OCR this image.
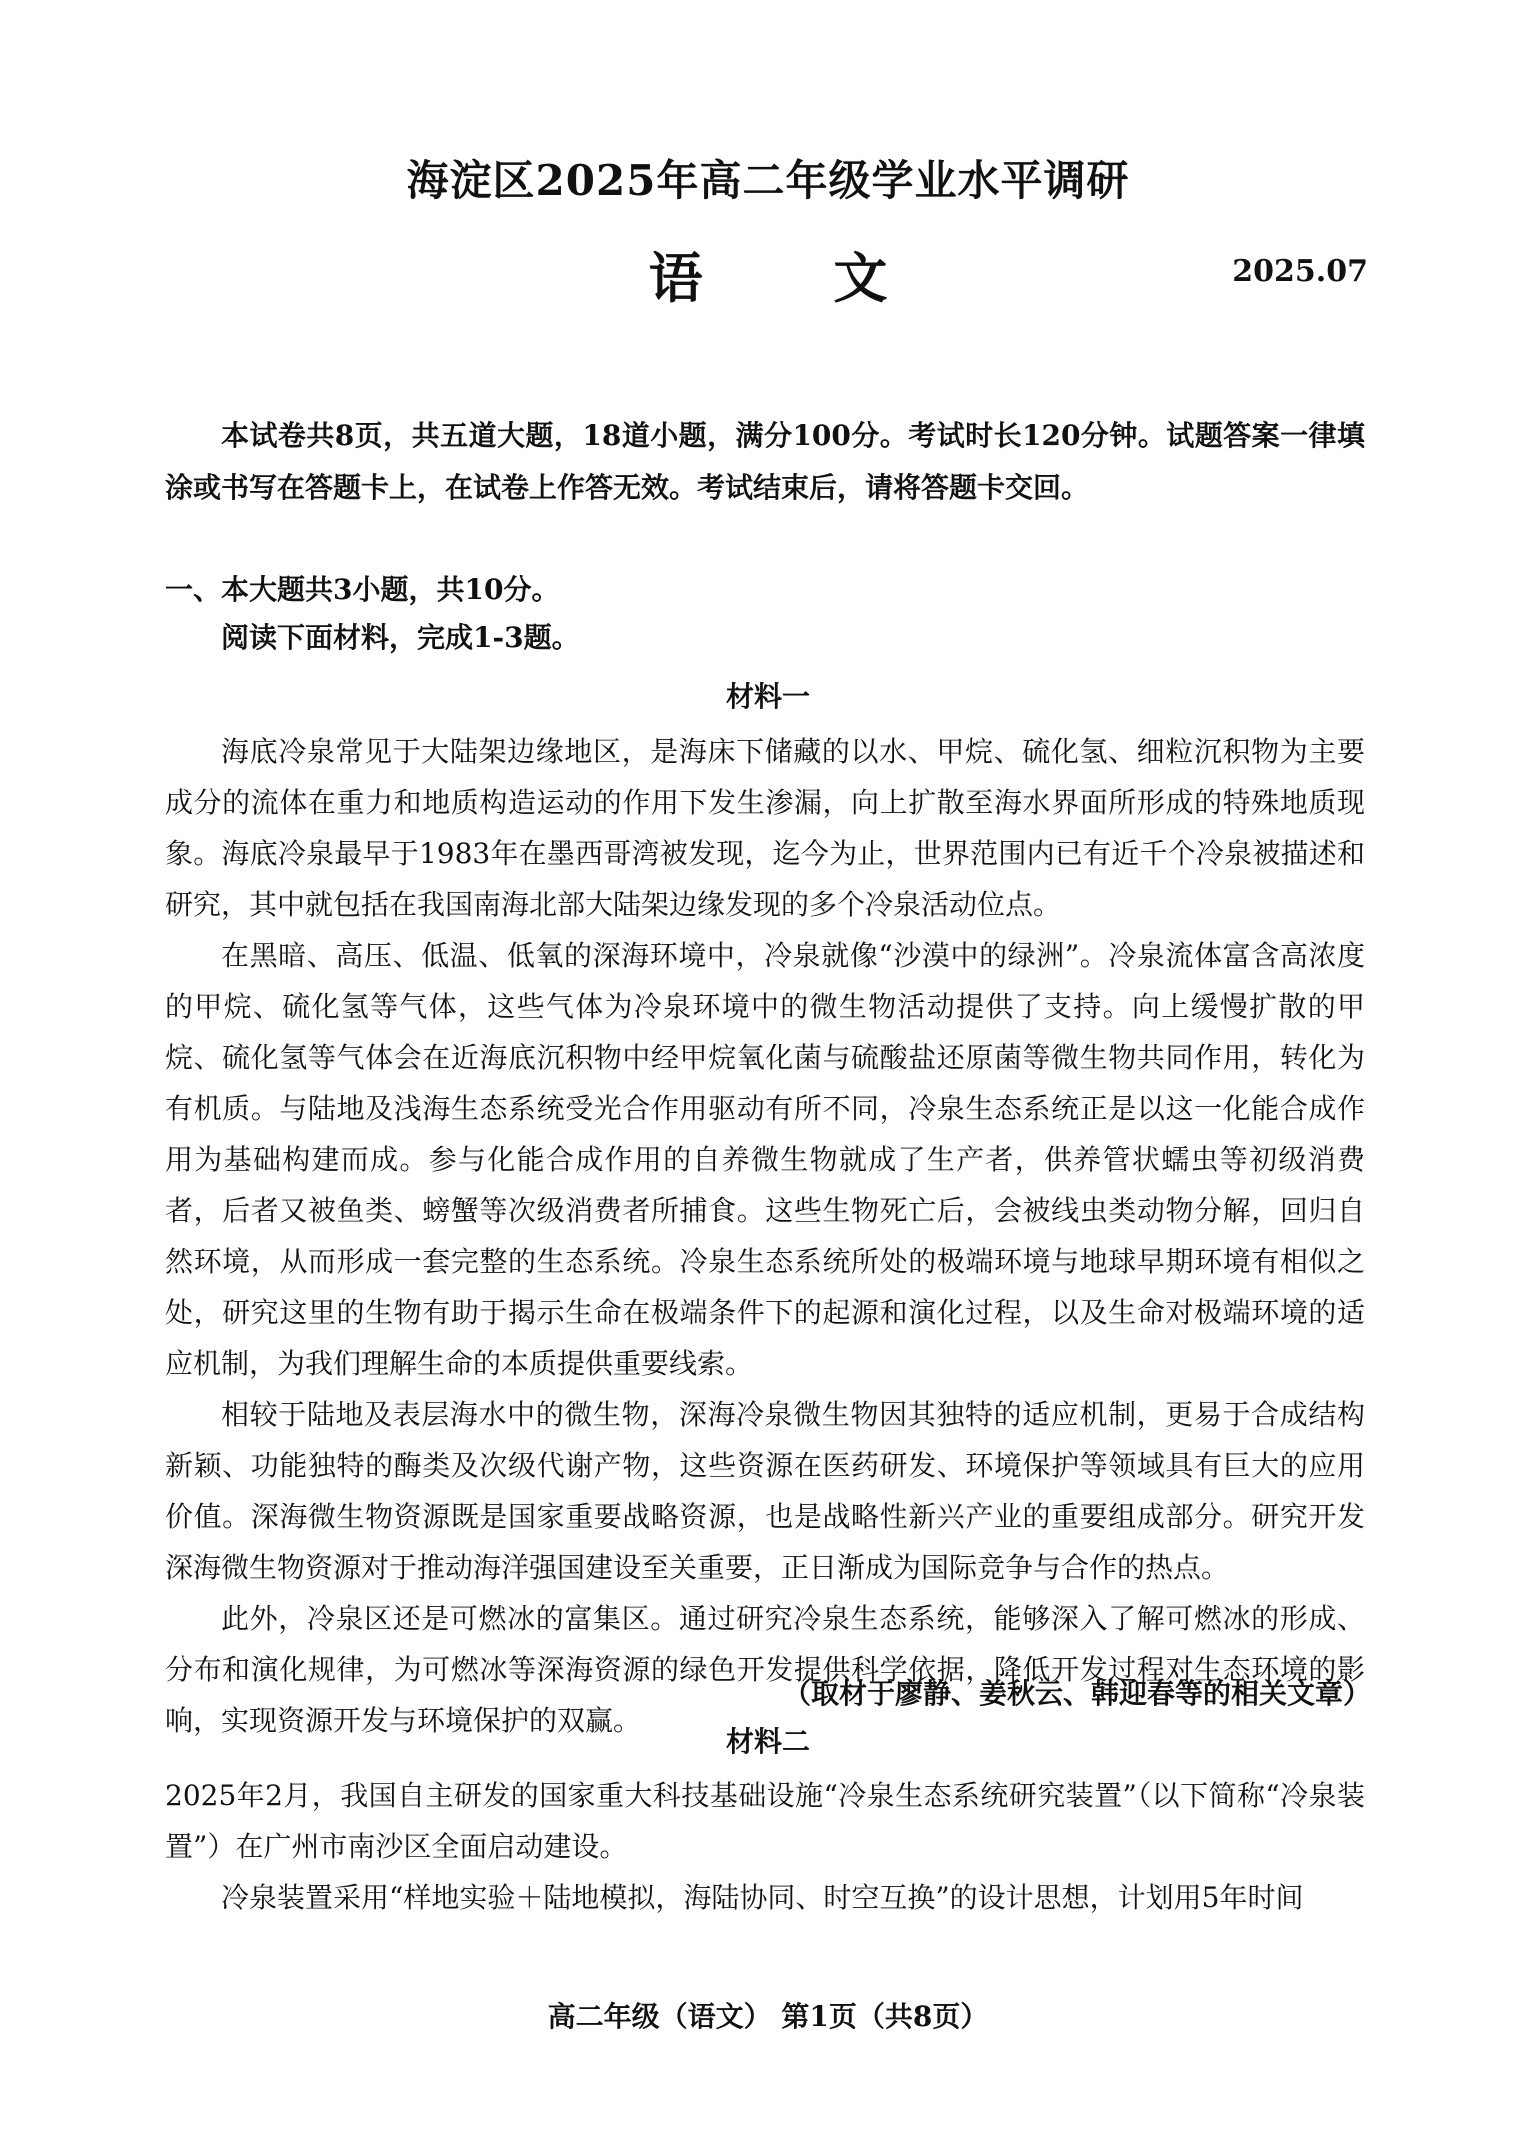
海淀区2025年高二年级学业水平调研
语 文	2025.07
本试卷共8页，共五道大题，18道小题，满分100分。考试时长120分钟。试题答案一律填涂或书写在答题卡上，在试卷上作答无效。考试结束后，请将答题卡交回。
一、本大题共3小题，共10分。
阅读下面材料，完成1-3题。
材料一

海底冷泉常见于大陆架边缘地区，是海床下储藏的以水、甲烷、硫化氢、细粒沉积物为主要成分的流体在重力和地质构造运动的作用下发生渗漏，向上扩散至海水界面所形成的特殊地质现象。海底冷泉最早于1983年在墨西哥湾被发现，迄今为止，世界范围内已有近千个冷泉被描述和研究，其中就包括在我国南海北部大陆架边缘发现的多个冷泉活动位点。

在黑暗、高压、低温、低氧的深海环境中，冷泉就像“沙漠中的绿洲”。冷泉流体富含高浓度的甲烷、硫化氢等气体，这些气体为冷泉环境中的微生物活动提供了支持。向上缓慢扩散的甲烷、硫化氢等气体会在近海底沉积物中经甲烷氧化菌与硫酸盐还原菌等微生物共同作用，转化为有机质。与陆地及浅海生态系统受光合作用驱动有所不同，冷泉生态系统正是以这一化能合成作用为基础构建而成。参与化能合成作用的自养微生物就成了生产者，供养管状蠕虫等初级消费者，后者又被鱼类、螃蟹等次级消费者所捕食。这些生物死亡后，会被线虫类动物分解，回归自然环境，从而形成一套完整的生态系统。冷泉生态系统所处的极端环境与地球早期环境有相似之处，研究这里的生物有助于揭示生命在极端条件下的起源和演化过程，以及生命对极端环境的适应机制，为我们理解生命的本质提供重要线索。

相较于陆地及表层海水中的微生物，深海冷泉微生物因其独特的适应机制，更易于合成结构新颖、功能独特的酶类及次级代谢产物，这些资源在医药研发、环境保护等领域具有巨大的应用价值。深海微生物资源既是国家重要战略资源，也是战略性新兴产业的重要组成部分。研究开发深海微生物资源对于推动海洋强国建设至关重要，正日渐成为国际竞争与合作的热点。

此外，冷泉区还是可燃冰的富集区。通过研究冷泉生态系统，能够深入了解可燃冰的形成、分布和演化规律，为可燃冰等深海资源的绿色开发提供科学依据，降低开发过程对生态环境的影响，实现资源开发与环境保护的双赢。

（取材于廖静、姜秋云、韩迎春等的相关文章）
材料二

2025年2月，我国自主研发的国家重大科技基础设施“冷泉生态系统研究装置”（以下简称“冷泉装置”）在广州市南沙区全面启动建设。

冷泉装置采用“样地实验＋陆地模拟，海陆协同、时空互换”的设计思想，计划用5年时间

高二年级（语文） 第1页（共8页）
